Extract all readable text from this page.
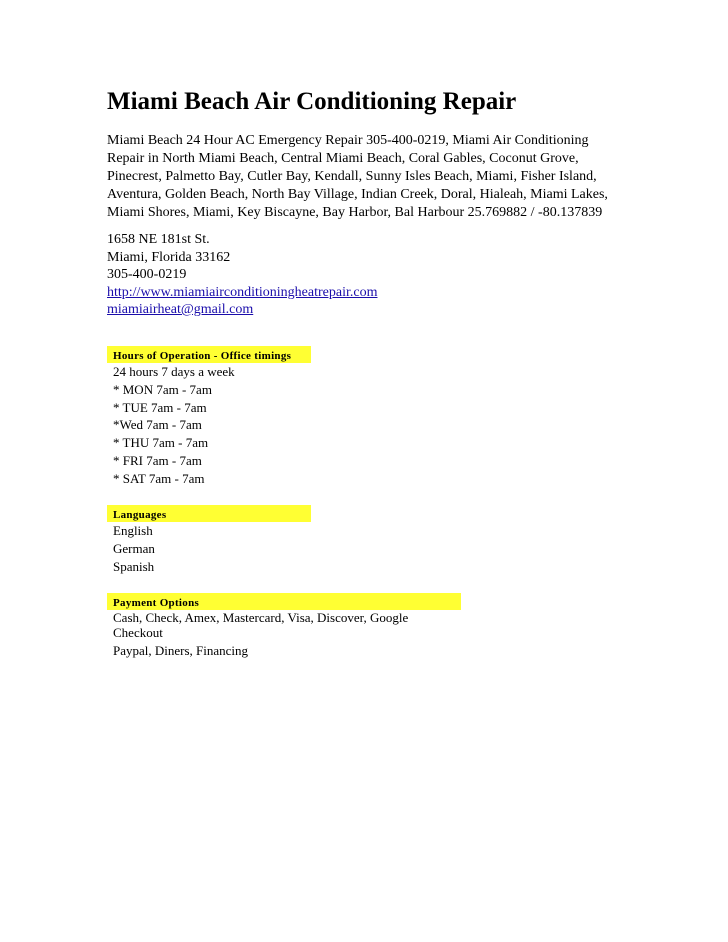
Miami Beach Air Conditioning Repair

Miami Beach 24 Hour AC Emergency Repair 305-400-0219, Miami Air Conditioning
Repair in North Miami Beach, Central Miami Beach, Coral Gables, Coconut Grove,
Pinecrest, Palmetto Bay, Cutler Bay, Kendall, Sunny Isles Beach, Miami, Fisher Island,
Aventura, Golden Beach, North Bay Village, Indian Creek, Doral, Hialeah, Miami Lakes,
Miami Shores, Miami, Key Biscayne, Bay Harbor, Bal Harbour 25.769882 / -80.137839

1658 NE 181st St.
Miami, Florida 33162
305-400-0219
http://www.miamiairconditioningheatrepair.com
miamiairheat@gmail.com
Hours of Operation - Office timings
24 hours 7 days a week
* MON 7am - 7am
* TUE 7am - 7am
*Wed 7am - 7am
* THU 7am - 7am
* FRI 7am - 7am
* SAT 7am - 7am
Languages
English
German
Spanish
Payment Options
Cash, Check, Amex, Mastercard, Visa, Discover, Google Checkout
Paypal, Diners, Financing
